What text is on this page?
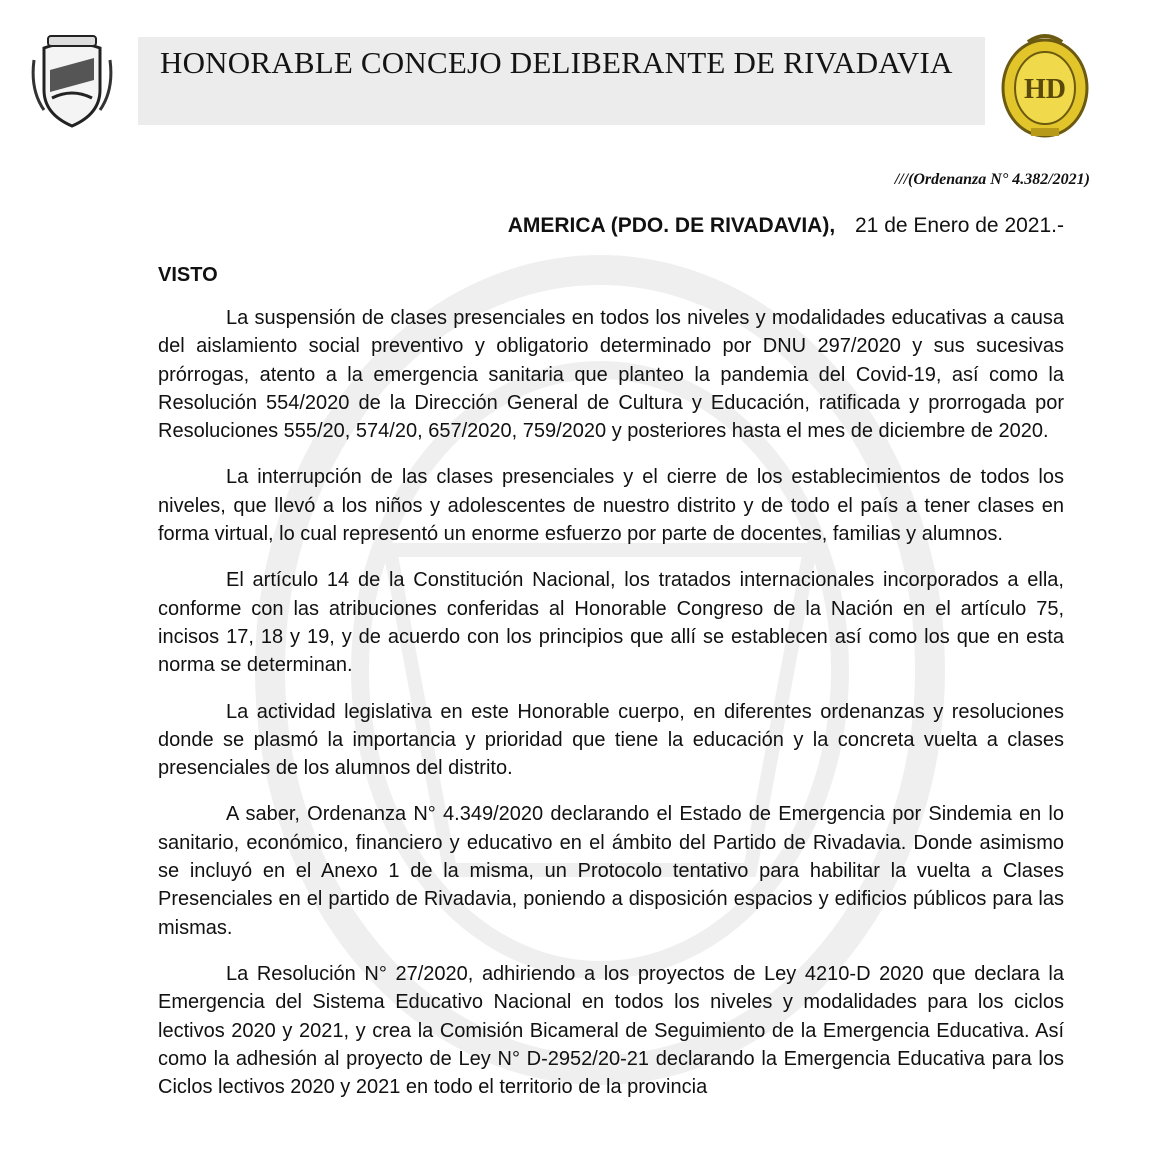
HONORABLE CONCEJO DELIBERANTE DE RIVADAVIA
HD
///(Ordenanza N° 4.382/2021)
AMERICA (PDO. DE RIVADAVIA), 21 de Enero de 2021.-
VISTO

La suspensión de clases presenciales en todos los niveles y modalidades educativas a causa del aislamiento social preventivo y obligatorio determinado por DNU 297/2020 y sus sucesivas prórrogas, atento a la emergencia sanitaria que planteo la pandemia del Covid-19, así como la Resolución 554/2020 de la Dirección General de Cultura y Educación, ratificada y prorrogada por Resoluciones 555/20, 574/20, 657/2020, 759/2020 y posteriores hasta el mes de diciembre de 2020.

La interrupción de las clases presenciales y el cierre de los establecimientos de todos los niveles, que llevó a los niños y adolescentes de nuestro distrito y de todo el país a tener clases en forma virtual, lo cual representó un enorme esfuerzo por parte de docentes, familias y alumnos.

El artículo 14 de la Constitución Nacional, los tratados internacionales incorporados a ella, conforme con las atribuciones conferidas al Honorable Congreso de la Nación en el artículo 75, incisos 17, 18 y 19, y de acuerdo con los principios que allí se establecen así como los que en esta norma se determinan.

La actividad legislativa en este Honorable cuerpo, en diferentes ordenanzas y resoluciones donde se plasmó la importancia y prioridad que tiene la educación y la concreta vuelta a clases presenciales de los alumnos del distrito.

A saber, Ordenanza N° 4.349/2020 declarando el Estado de Emergencia por Sindemia en lo sanitario, económico, financiero y educativo en el ámbito del Partido de Rivadavia. Donde asimismo se incluyó en el Anexo 1 de la misma, un Protocolo tentativo para habilitar la vuelta a Clases Presenciales en el partido de Rivadavia, poniendo a disposición espacios y edificios públicos para las mismas.

La Resolución N° 27/2020, adhiriendo a los proyectos de Ley 4210-D 2020 que declara la Emergencia del Sistema Educativo Nacional en todos los niveles y modalidades para los ciclos lectivos 2020 y 2021, y crea la Comisión Bicameral de Seguimiento de la Emergencia Educativa. Así como la adhesión al proyecto de Ley N° D-2952/20-21 declarando la Emergencia Educativa para los Ciclos lectivos 2020 y 2021 en todo el territorio de la provincia
